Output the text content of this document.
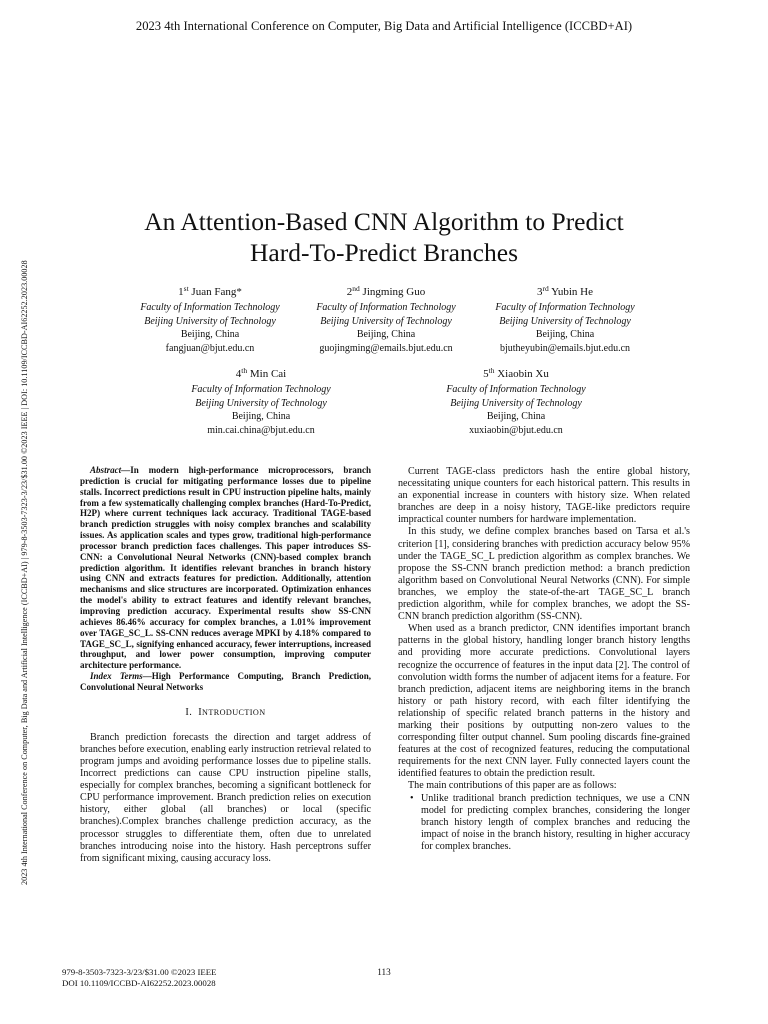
2023 4th International Conference on Computer, Big Data and Artificial Intelligence (ICCBD+AI)
2023 4th International Conference on Computer, Big Data and Artificial Intelligence (ICCBD+AI) | 979-8-3503-7323-3/23/$31.00 ©2023 IEEE | DOI: 10.1109/ICCBD-AI62252.2023.00028
An Attention-Based CNN Algorithm to Predict
Hard-To-Predict Branches
1st Juan Fang*
Faculty of Information Technology
Beijing University of Technology
Beijing, China
fangjuan@bjut.edu.cn
2nd Jingming Guo
Faculty of Information Technology
Beijing University of Technology
Beijing, China
guojingming@emails.bjut.edu.cn
3rd Yubin He
Faculty of Information Technology
Beijing University of Technology
Beijing, China
bjutheyubin@emails.bjut.edu.cn
4th Min Cai
Faculty of Information Technology
Beijing University of Technology
Beijing, China
min.cai.china@bjut.edu.cn
5th Xiaobin Xu
Faculty of Information Technology
Beijing University of Technology
Beijing, China
xuxiaobin@bjut.edu.cn

Abstract—In modern high-performance microprocessors, branch prediction is crucial for mitigating performance losses due to pipeline stalls. Incorrect predictions result in CPU instruction pipeline halts, mainly from a few systematically challenging complex branches (Hard-To-Predict, H2P) where current techniques lack accuracy. Traditional TAGE-based branch prediction struggles with noisy complex branches and scalability issues. As application scales and types grow, traditional high-performance processor branch prediction faces challenges. This paper introduces SS-CNN: a Convolutional Neural Networks (CNN)-based complex branch prediction algorithm. It identifies relevant branches in branch history using CNN and extracts features for prediction. Additionally, attention mechanisms and slice structures are incorporated. Optimization enhances the model's ability to extract features and identify relevant branches, improving prediction accuracy. Experimental results show SS-CNN achieves 86.46% accuracy for complex branches, a 1.01% improvement over TAGE_SC_L. SS-CNN reduces average MPKI by 4.18% compared to TAGE_SC_L, signifying enhanced accuracy, fewer interruptions, increased throughput, and lower power consumption, improving computer architecture performance.

Index Terms—High Performance Computing, Branch Prediction, Convolutional Neural Networks

I. INTRODUCTION

Branch prediction forecasts the direction and target address of branches before execution, enabling early instruction retrieval related to program jumps and avoiding performance losses due to pipeline stalls. Incorrect predictions can cause CPU instruction pipeline stalls, especially for complex branches, becoming a significant bottleneck for CPU performance improvement. Branch prediction relies on execution history, either global (all branches) or local (specific branches).Complex branches challenge prediction accuracy, as the processor struggles to differentiate them, often due to unrelated branches introducing noise into the history. Hash perceptrons suffer from significant mixing, causing accuracy loss.

Current TAGE-class predictors hash the entire global history, necessitating unique counters for each historical pattern. This results in an exponential increase in counters with history size. When related branches are deep in a noisy history, TAGE-like predictors require impractical counter numbers for hardware implementation.

In this study, we define complex branches based on Tarsa et al.'s criterion [1], considering branches with prediction accuracy below 95% under the TAGE_SC_L prediction algorithm as complex branches. We propose the SS-CNN branch prediction method: a branch prediction algorithm based on Convolutional Neural Networks (CNN). For simple branches, we employ the state-of-the-art TAGE_SC_L branch prediction algorithm, while for complex branches, we adopt the SS-CNN branch prediction algorithm (SS-CNN).

When used as a branch predictor, CNN identifies important branch patterns in the global history, handling longer branch history lengths and providing more accurate predictions. Convolutional layers recognize the occurrence of features in the input data [2]. The control of convolution width forms the number of adjacent items for a feature. For branch prediction, adjacent items are neighboring items in the branch history or path history record, with each filter identifying the relationship of specific related branch patterns in the history and marking their positions by outputting non-zero values to the corresponding filter output channel. Sum pooling discards fine-grained features at the cost of recognized features, reducing the computational requirements for the next CNN layer. Fully connected layers count the identified features to obtain the prediction result.

The main contributions of this paper are as follows:

• Unlike traditional branch prediction techniques, we use a CNN model for predicting complex branches, considering the longer branch history length of complex branches and reducing the impact of noise in the branch history, resulting in higher accuracy for complex branches.
979-8-3503-7323-3/23/$31.00 ©2023 IEEE
DOI 10.1109/ICCBD-AI62252.2023.00028
113
